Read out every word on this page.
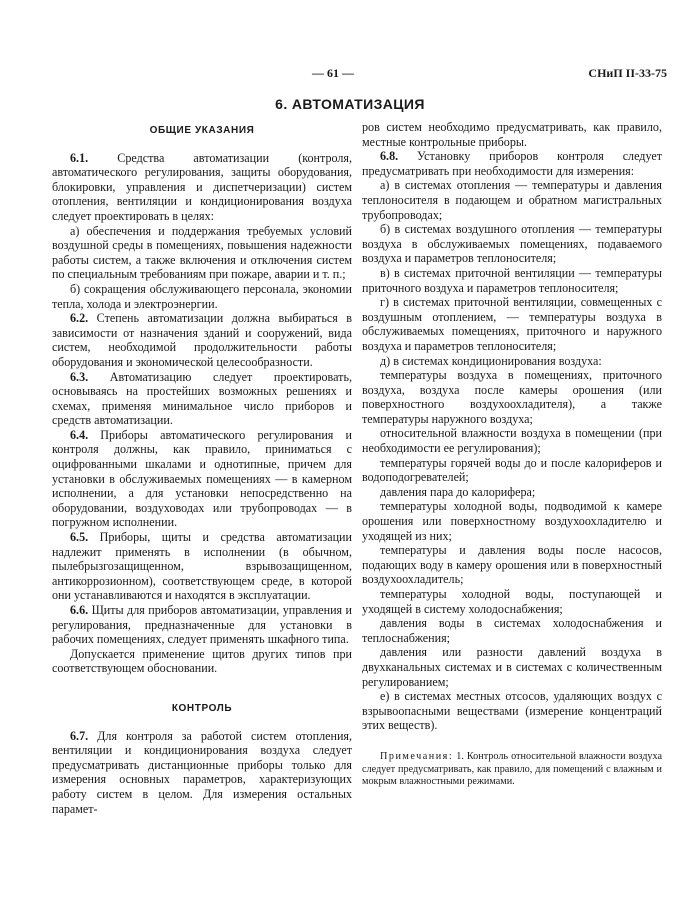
— 61 —	СНиП II-33-75
6. АВТОМАТИЗАЦИЯ

ОБЩИЕ УКАЗАНИЯ

6.1. Средства автоматизации (контроля, автоматического регулирования, защиты оборудования, блокировки, управления и диспетчеризации) систем отопления, вентиляции и кондиционирования воздуха следует проектировать в целях:

а) обеспечения и поддержания требуемых условий воздушной среды в помещениях, повышения надежности работы систем, а также включения и отключения систем по специальным требованиям при пожаре, аварии и т. п.;

б) сокращения обслуживающего персонала, экономии тепла, холода и электроэнергии.

6.2. Степень автоматизации должна выбираться в зависимости от назначения зданий и сооружений, вида систем, необходимой продолжительности работы оборудования и экономической целесообразности.

6.3. Автоматизацию следует проектировать, основываясь на простейших возможных решениях и схемах, применяя минимальное число приборов и средств автоматизации.

6.4. Приборы автоматического регулирования и контроля должны, как правило, приниматься с оцифрованными шкалами и однотипные, причем для установки в обслуживаемых помещениях — в камерном исполнении, а для установки непосредственно на оборудовании, воздуховодах или трубопроводах — в погружном исполнении.

6.5. Приборы, щиты и средства автоматизации надлежит применять в исполнении (в обычном, пылебрызгозащищенном, взрывозащищенном, антикоррозионном), соответствующем среде, в которой они устанавливаются и находятся в эксплуатации.

6.6. Щиты для приборов автоматизации, управления и регулирования, предназначенные для установки в рабочих помещениях, следует применять шкафного типа.

Допускается применение щитов других типов при соответствующем обосновании.

КОНТРОЛЬ

6.7. Для контроля за работой систем отопления, вентиляции и кондиционирования воздуха следует предусматривать дистанционные приборы только для измерения основных параметров, характеризующих работу систем в целом. Для измерения остальных парамет-

ров систем необходимо предусматривать, как правило, местные контрольные приборы.

6.8. Установку приборов контроля следует предусматривать при необходимости для измерения:

а) в системах отопления — температуры и давления теплоносителя в подающем и обратном магистральных трубопроводах;

б) в системах воздушного отопления — температуры воздуха в обслуживаемых помещениях, подаваемого воздуха и параметров теплоносителя;

в) в системах приточной вентиляции — температуры приточного воздуха и параметров теплоносителя;

г) в системах приточной вентиляции, совмещенных с воздушным отоплением, — температуры воздуха в обслуживаемых помещениях, приточного и наружного воздуха и параметров теплоносителя;

д) в системах кондиционирования воздуха:

температуры воздуха в помещениях, приточного воздуха, воздуха после камеры орошения (или поверхностного воздухоохладителя), а также температуры наружного воздуха;

относительной влажности воздуха в помещении (при необходимости ее регулирования);

температуры горячей воды до и после калориферов и водоподогревателей;

давления пара до калорифера;

температуры холодной воды, подводимой к камере орошения или поверхностному воздухоохладителю и уходящей из них;

температуры и давления воды после насосов, подающих воду в камеру орошения или в поверхностный воздухоохладитель;

температуры холодной воды, поступающей и уходящей в систему холодоснабжения;

давления воды в системах холодоснабжения и теплоснабжения;

давления или разности давлений воздуха в двухканальных системах и в системах с количественным регулированием;

е) в системах местных отсосов, удаляющих воздух с взрывоопасными веществами (измерение концентраций этих веществ).

Примечания: 1. Контроль относительной влажности воздуха следует предусматривать, как правило, для помещений с влажным и мокрым влажностными режимами.
